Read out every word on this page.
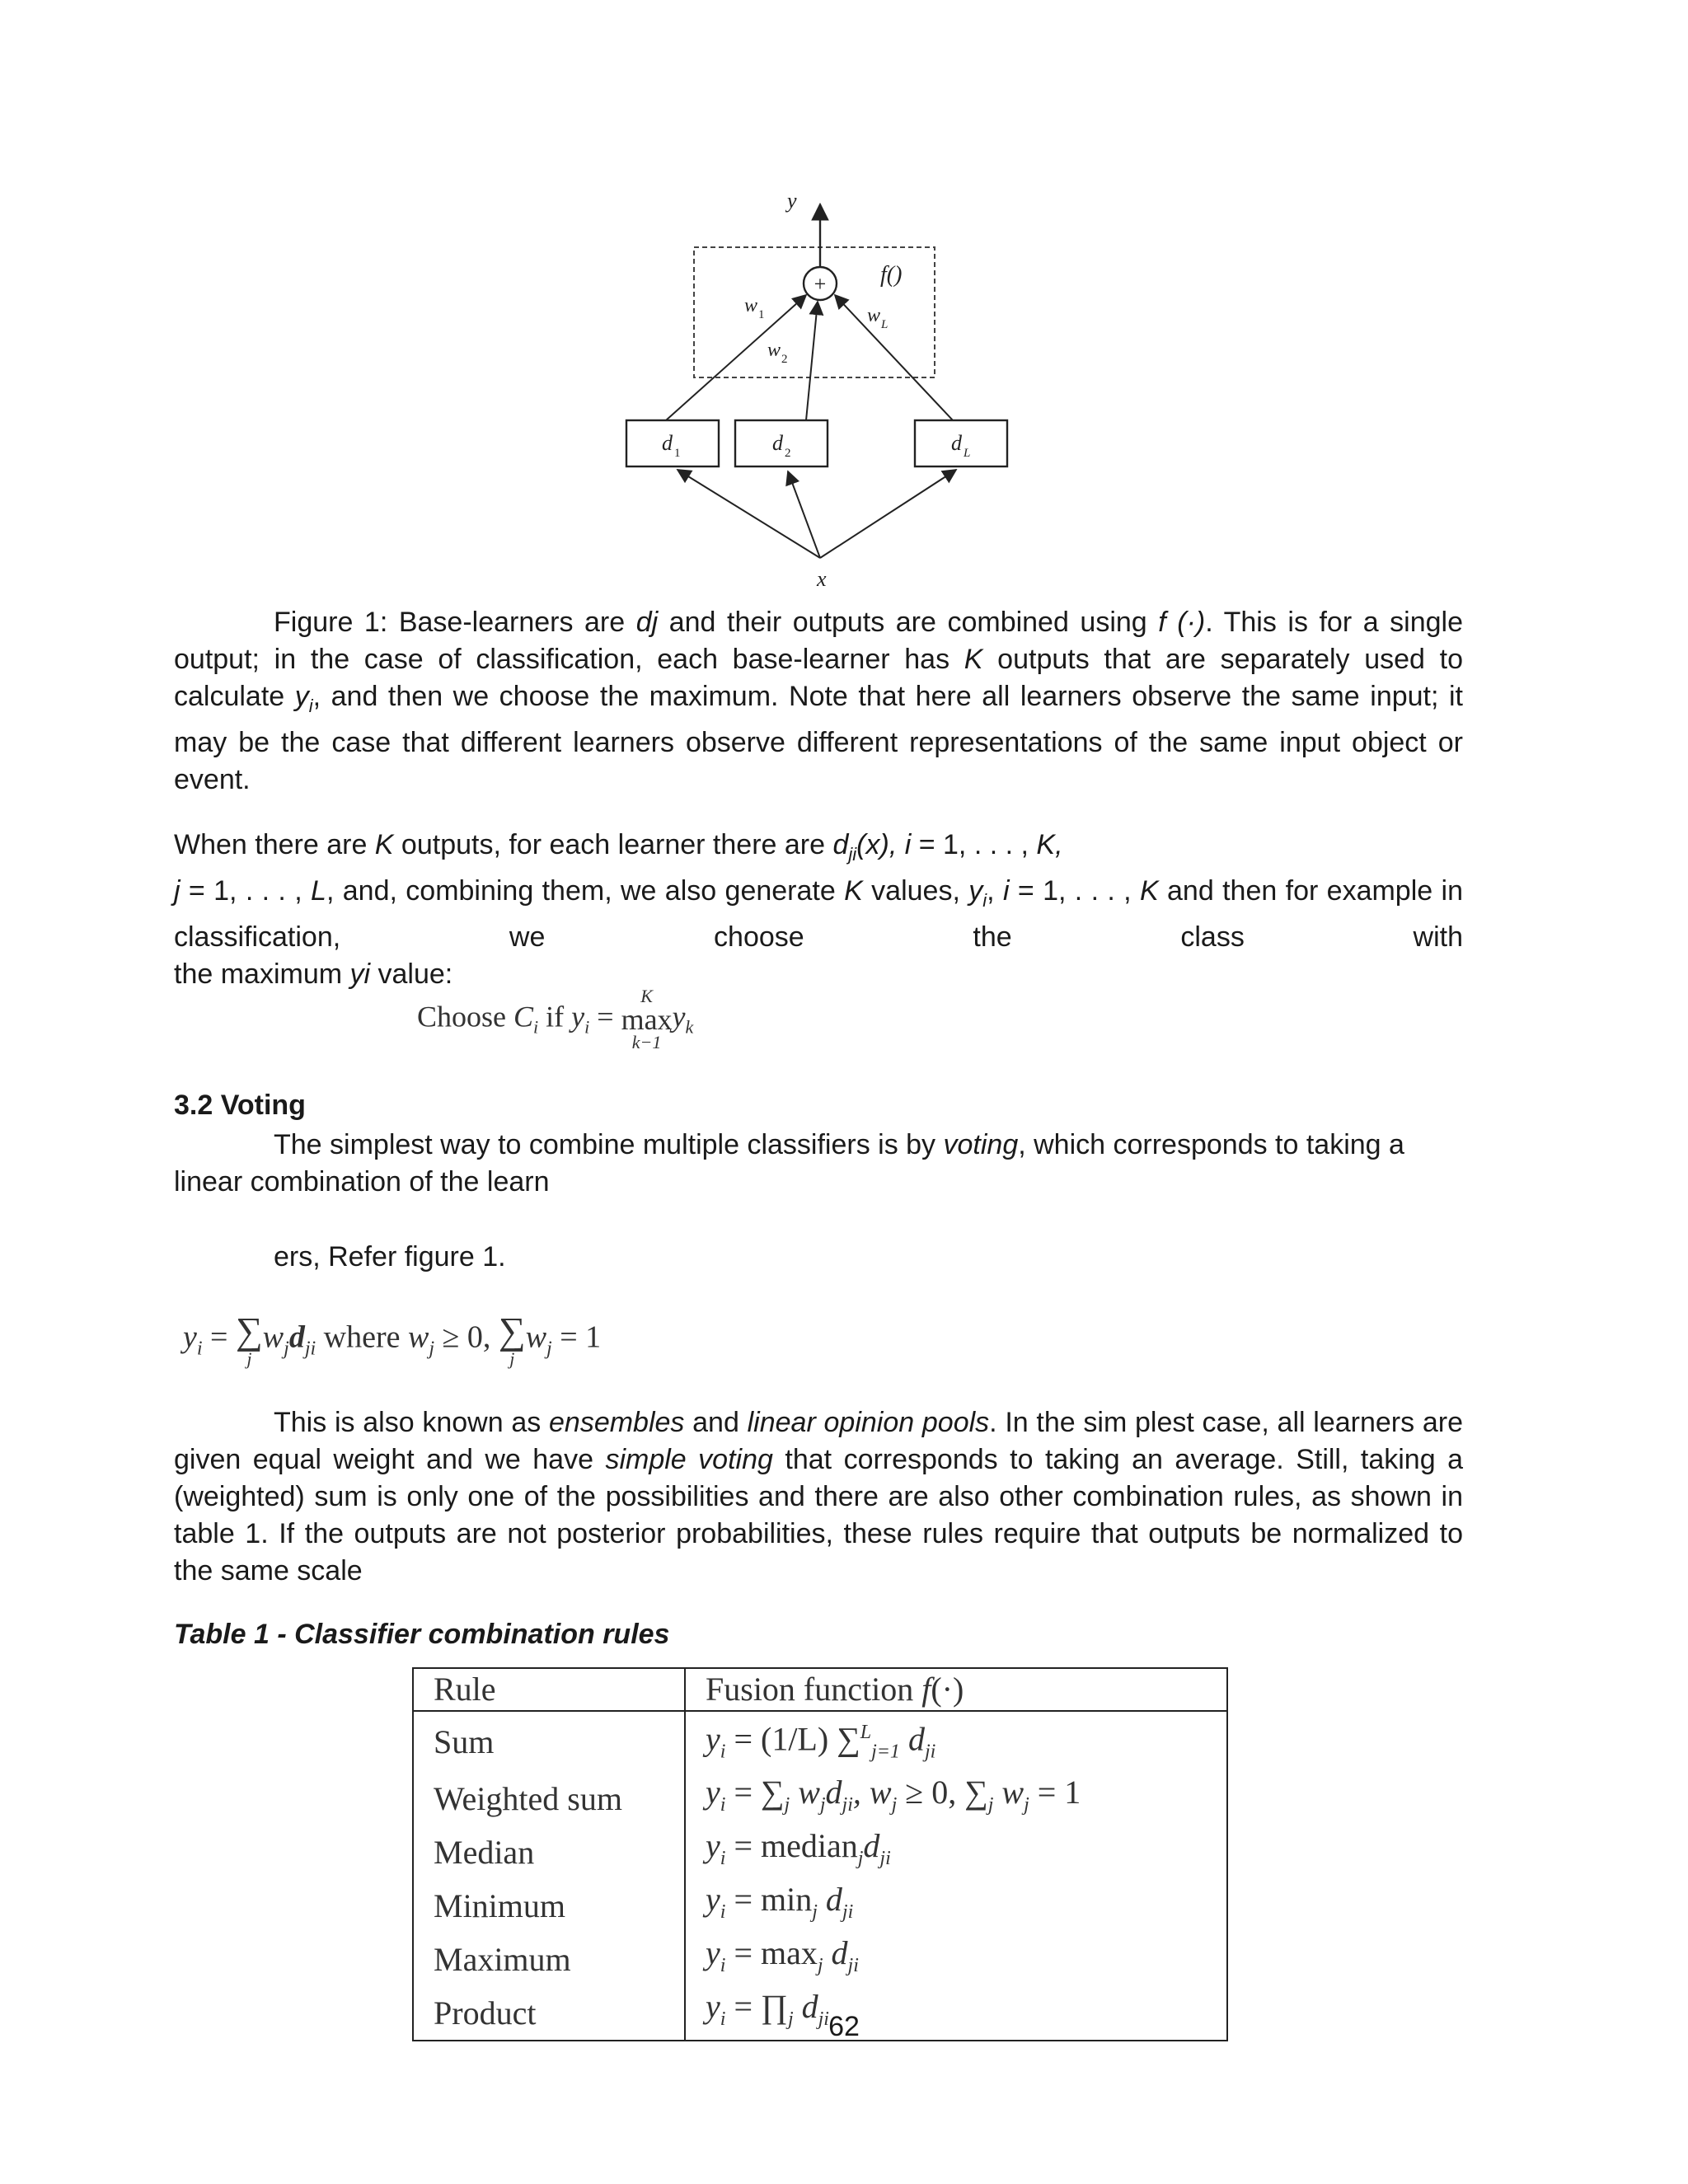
+
y
x
f()
w 1
w 2
w L
d 1	d 2	d L
Figure 1: Base-learners are dj and their outputs are combined using f (·). This is for a single output; in the case of classification, each base-learner has K outputs that are separately used to calculate $y_i$, and then we choose the maximum. Note that here all learners observe the same input; it may be the case that different learners observe different representations of the same input object or event.
When there are K outputs, for each learner there are $d_{ji}(x)$, i = 1, . . . , K,
j = 1, . . . , L, and, combining them, we also generate K values, $y_i$, i = 1, . . . , K and then for example in classification, we choose the class with
the maximum yi value:
Choose $C_i$ if $y_i$ =
K
max
k−1
$y_k$
3.2 Voting
The simplest way to combine multiple classifiers is by voting, which corresponds to taking a linear combination of the learn
ers, Refer figure 1.
$y_i$ = ∑
j
$w_jd_{ji}$ where $w_j \ge 0$, ∑
j
$w_j = 1$
This is also known as ensembles and linear opinion pools. In the sim plest case, all learners are given equal weight and we have simple voting that corresponds to taking an average. Still, taking a (weighted) sum is only one of the possibilities and there are also other combination rules, as shown in table 1. If the outputs are not posterior probabilities, these rules require that outputs be normalized to the same scale
Table 1 - Classifier combination rules
Rule	Fusion function f(·)
Sum	$y_i = (1/L)$ ∑$^L_{j=1}$ $d_{ji}$
Weighted sum	$y_i = \sum_j$ $w_jd_{ji}$, $w_j \ge 0$, $\sum_j$ $w_j = 1$
Median	$y_i$ = $median_jd_{ji}$
Minimum	$y_i = \min_j d_{ji}$
Maximum	$y_i = \max_j d_{ji}$
Product	$y_i$ = $\prod_j$ $d_{ji}$ 62
